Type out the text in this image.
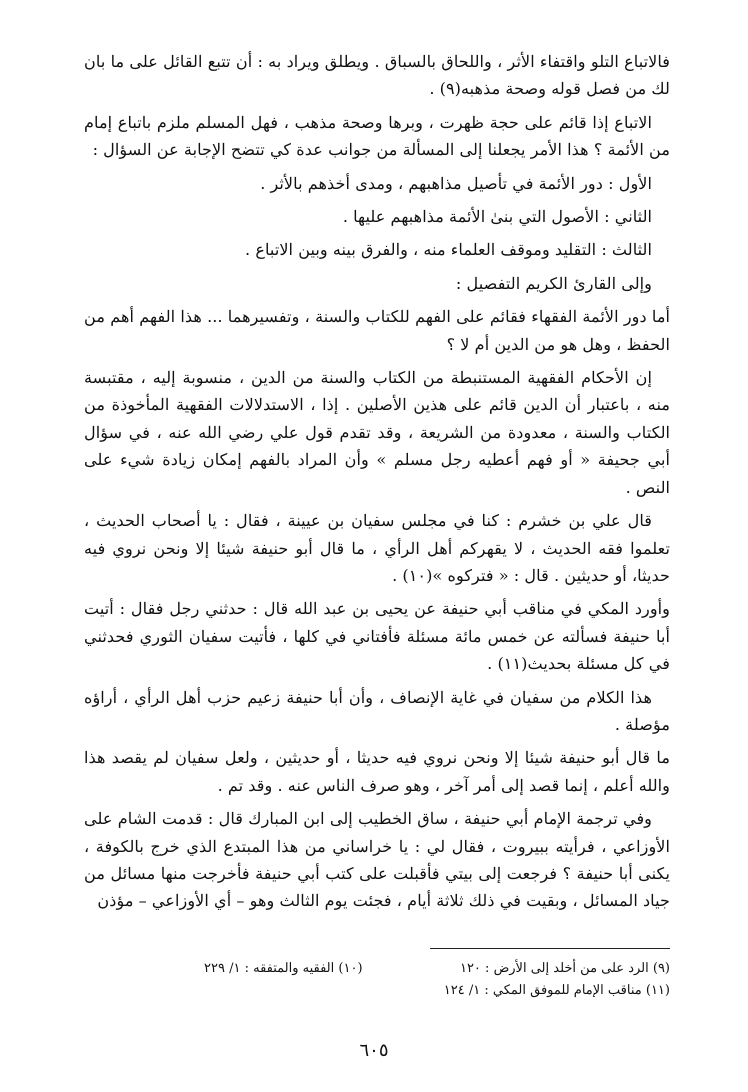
فالاتباع التلو واقتفاء الأثر ، واللحاق بالسباق . ويطلق ويراد به : أن تتبع القائل على ما بان لك من فصل قوله وصحة مذهبه(٩) .

الاتباع إذا قائم على حجة ظهرت ، وبرها وصحة مذهب ، فهل المسلم ملزم باتباع إمام من الأئمة ؟ هذا الأمر يجعلنا إلى المسألة من جوانب عدة كي تتضح الإجابة عن السؤال :

الأول : دور الأئمة في تأصيل مذاهبهم ، ومدى أخذهم بالأثر .

الثاني : الأصول التي بنىٰ الأئمة مذاهبهم عليها .

الثالث : التقليد وموقف العلماء منه ، والفرق بينه وبين الاتباع .

وإلى القارئ الكريم التفصيل :

أما دور الأئمة الفقهاء فقائم على الفهم للكتاب والسنة ، وتفسيرهما ... هذا الفهم أهم من الحفظ ، وهل هو من الدين أم لا ؟

إن الأحكام الفقهية المستنبطة من الكتاب والسنة من الدين ، منسوبة إليه ، مقتبسة منه ، باعتبار أن الدين قائم على هذين الأصلين . إذا ، الاستدلالات الفقهية المأخوذة من الكتاب والسنة ، معدودة من الشريعة ، وقد تقدم قول علي رضي الله عنه ، في سؤال أبي جحيفة « أو فهم أعطيه رجل مسلم » وأن المراد بالفهم إمكان زيادة شيء على النص .

قال علي بن خشرم : كنا في مجلس سفيان بن عيينة ، فقال : يا أصحاب الحديث ، تعلموا فقه الحديث ، لا يقهركم أهل الرأي ، ما قال أبو حنيفة شيئا إلا ونحن نروي فيه حديثا، أو حديثين . قال : « فتركوه »(١٠) .

وأورد المكي في مناقب أبي حنيفة عن يحيى بن عبد الله قال : حدثني رجل فقال : أتيت أبا حنيفة فسألته عن خمس مائة مسئلة فأفتاني في كلها ، فأتيت سفيان الثوري فحدثني في كل مسئلة بحديث(١١) .

هذا الكلام من سفيان في غاية الإنصاف ، وأن أبا حنيفة زعيم حزب أهل الرأي ، أراؤه مؤصلة .

ما قال أبو حنيفة شيئا إلا ونحن نروي فيه حديثا ، أو حديثين ، ولعل سفيان لم يقصد هذا والله أعلم ، إنما قصد إلى أمر آخر ، وهو صرف الناس عنه . وقد تم .

وفي ترجمة الإمام أبي حنيفة ، ساق الخطيب إلى ابن المبارك قال : قدمت الشام على الأوزاعي ، فرأيته ببيروت ، فقال لي : يا خراساني من هذا المبتدع الذي خرج بالكوفة ، يكنى أبا حنيفة ؟ فرجعت إلى بيتي فأقبلت على كتب أبي حنيفة فأخرجت منها مسائل من جياد المسائل ، وبقيت في ذلك ثلاثة أيام ، فجئت يوم الثالث وهو – أي الأوزاعي – مؤذن

(٩) الرد على من أخلد إلى الأرض : ١٢٠
(١٠) الفقيه والمتفقه : ١/ ٢٢٩
(١١) مناقب الإمام للموفق المكي : ١/ ١٢٤
٦٠٥
